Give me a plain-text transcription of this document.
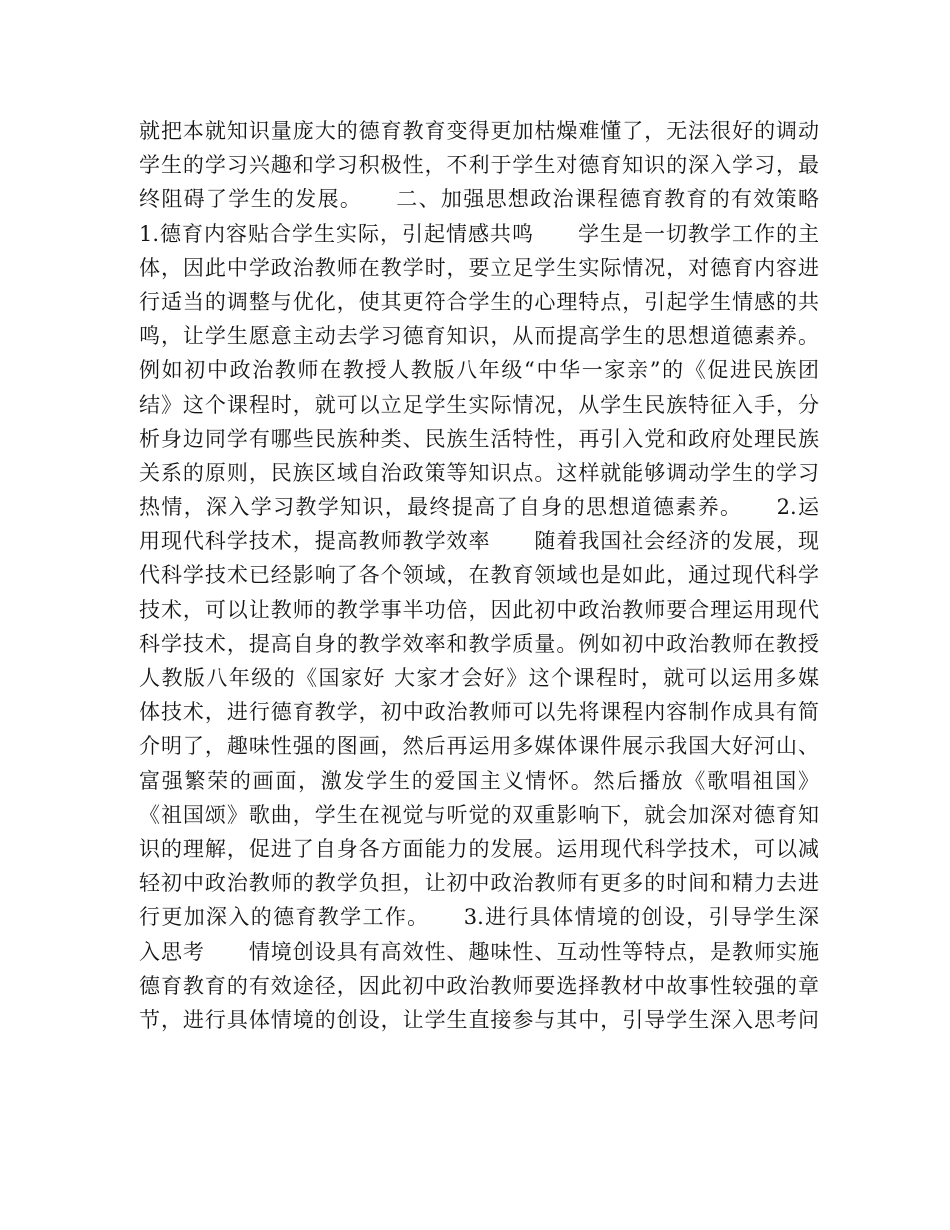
就把本就知识量庞大的德育教育变得更加枯燥难懂了，无法很好的调动
学生的学习兴趣和学习积极性，不利于学生对德育知识的深入学习，最
终阻碍了学生的发展。　　二、加强思想政治课程德育教育的有效策略
1.德育内容贴合学生实际，引起情感共鸣　　学生是一切教学工作的主
体，因此中学政治教师在教学时，要立足学生实际情况，对德育内容进
行适当的调整与优化，使其更符合学生的心理特点，引起学生情感的共
鸣，让学生愿意主动去学习德育知识，从而提高学生的思想道德素养。
例如初中政治教师在教授人教版八年级“中华一家亲”的《促进民族团
结》这个课程时，就可以立足学生实际情况，从学生民族特征入手，分
析身边同学有哪些民族种类、民族生活特性，再引入党和政府处理民族
关系的原则，民族区域自治政策等知识点。这样就能够调动学生的学习
热情，深入学习教学知识，最终提高了自身的思想道德素养。　　2.运
用现代科学技术，提高教师教学效率　　随着我国社会经济的发展，现
代科学技术已经影响了各个领域，在教育领域也是如此，通过现代科学
技术，可以让教师的教学事半功倍，因此初中政治教师要合理运用现代
科学技术，提高自身的教学效率和教学质量。例如初中政治教师在教授
人教版八年级的《国家好 大家才会好》这个课程时，就可以运用多媒
体技术，进行德育教学，初中政治教师可以先将课程内容制作成具有简
介明了，趣味性强的图画，然后再运用多媒体课件展示我国大好河山、
富强繁荣的画面，激发学生的爱国主义情怀。然后播放《歌唱祖国》
《祖国颂》歌曲，学生在视觉与听觉的双重影响下，就会加深对德育知
识的理解，促进了自身各方面能力的发展。运用现代科学技术，可以减
轻初中政治教师的教学负担，让初中政治教师有更多的时间和精力去进
行更加深入的德育教学工作。　　3.进行具体情境的创设，引导学生深
入思考　　情境创设具有高效性、趣味性、互动性等特点，是教师实施
德育教育的有效途径，因此初中政治教师要选择教材中故事性较强的章
节，进行具体情境的创设，让学生直接参与其中，引导学生深入思考问
